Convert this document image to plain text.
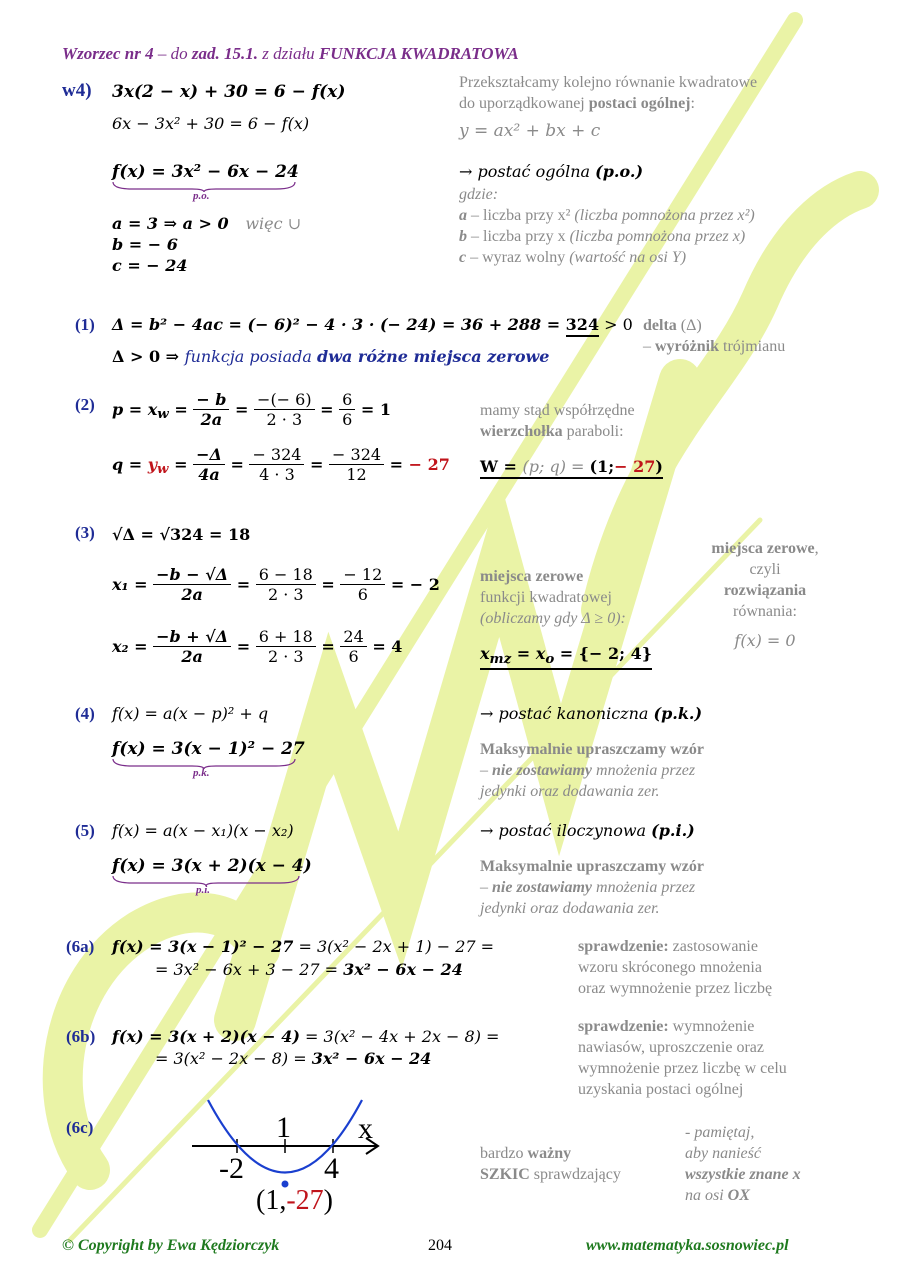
Wzorzec nr 4 – do zad. 15.1. z działu FUNKCJA KWADRATOWA
w4) 3x(2 − x) + 30 = 6 − f(x)
6x − 3x² + 30 = 6 − f(x)
f(x) = 3x² − 6x − 24
p.o.
a = 3 ⇒ a > 0 więc ∪
b = − 6
c = − 24
Przekształcamy kolejno równanie kwadratowe
do uporządkowanej postaci ogólnej:
y = ax² + bx + c
→ postać ogólna (p.o.)
gdzie:
a – liczba przy x² (liczba pomnożona przez x²)
b – liczba przy x (liczba pomnożona przez x)
c – wyraz wolny (wartość na osi Y)
(1) Δ = b² − 4ac = (− 6)² − 4 · 3 · (− 24) = 36 + 288 = 324 > 0
Δ > 0 ⇒ funkcja posiada dwa różne miejsca zerowe
delta (Δ)
– wyróżnik trójmianu
(2) $p = x_w = \frac{- b}{2a} = \frac{-(- 6)}{2 \cdot 3} = \frac{6}{6} = 1$
$q = y_w = \frac{-\Delta}{4a} = \frac{- 324}{4 \cdot 3} = \frac{- 324}{12}$ = − 27
mamy stąd współrzędne
wierzchołka paraboli:
W = (p; q) = (1;− 27)
(3) √Δ = √324 = 18
$x_1 = \frac{-b - √\Delta}{2a} = \frac{6 - 18}{2 \cdot 3} = \frac{- 12}{6}$ = − 2
$x_2 = \frac{-b + √\Delta}{2a} = \frac{6 + 18}{2 \cdot 3} = \frac{24}{6} = 4$
miejsca zerowe
funkcji kwadratowej
(obliczamy gdy Δ ≥ 0):
$x_{mz} = x_o$ = {− 2; 4}
miejsca zerowe,
czyli
rozwiązania
równania:
f(x) = 0
(4) f(x) = a(x − p)² + q
f(x) = 3(x − 1)² − 27
p.k.
→ postać kanoniczna (p.k.)
Maksymalnie upraszczamy wzór
– nie zostawiamy mnożenia przez
jedynki oraz dodawania zer.
(5) f(x) = a(x − x₁)(x − x₂)
f(x) = 3(x + 2)(x − 4)
p.i.
→ postać iloczynowa (p.i.)
Maksymalnie upraszczamy wzór
– nie zostawiamy mnożenia przez
jedynki oraz dodawania zer.
(6a) f(x) = 3(x − 1)² − 27 = 3(x² − 2x + 1) − 27 =
= 3x² − 6x + 3 − 27 = 3x² − 6x − 24
sprawdzenie: zastosowanie
wzoru skróconego mnożenia
oraz wymnożenie przez liczbę
(6b) f(x) = 3(x + 2)(x − 4) = 3(x² − 4x + 2x − 8) =
= 3(x² − 2x − 8) = 3x² − 6x − 24
sprawdzenie: wymnożenie
nawiasów, uproszczenie oraz
wymnożenie przez liczbę w celu
uzyskania postaci ogólnej
(6c)	x
1
-2	4
(1,-27)
bardzo ważny
SZKIC sprawdzający
- pamiętaj,
aby nanieść
wszystkie znane x
na osi OX
© Copyright by Ewa Kędziorczyk	204	www.matematyka.sosnowiec.pl
